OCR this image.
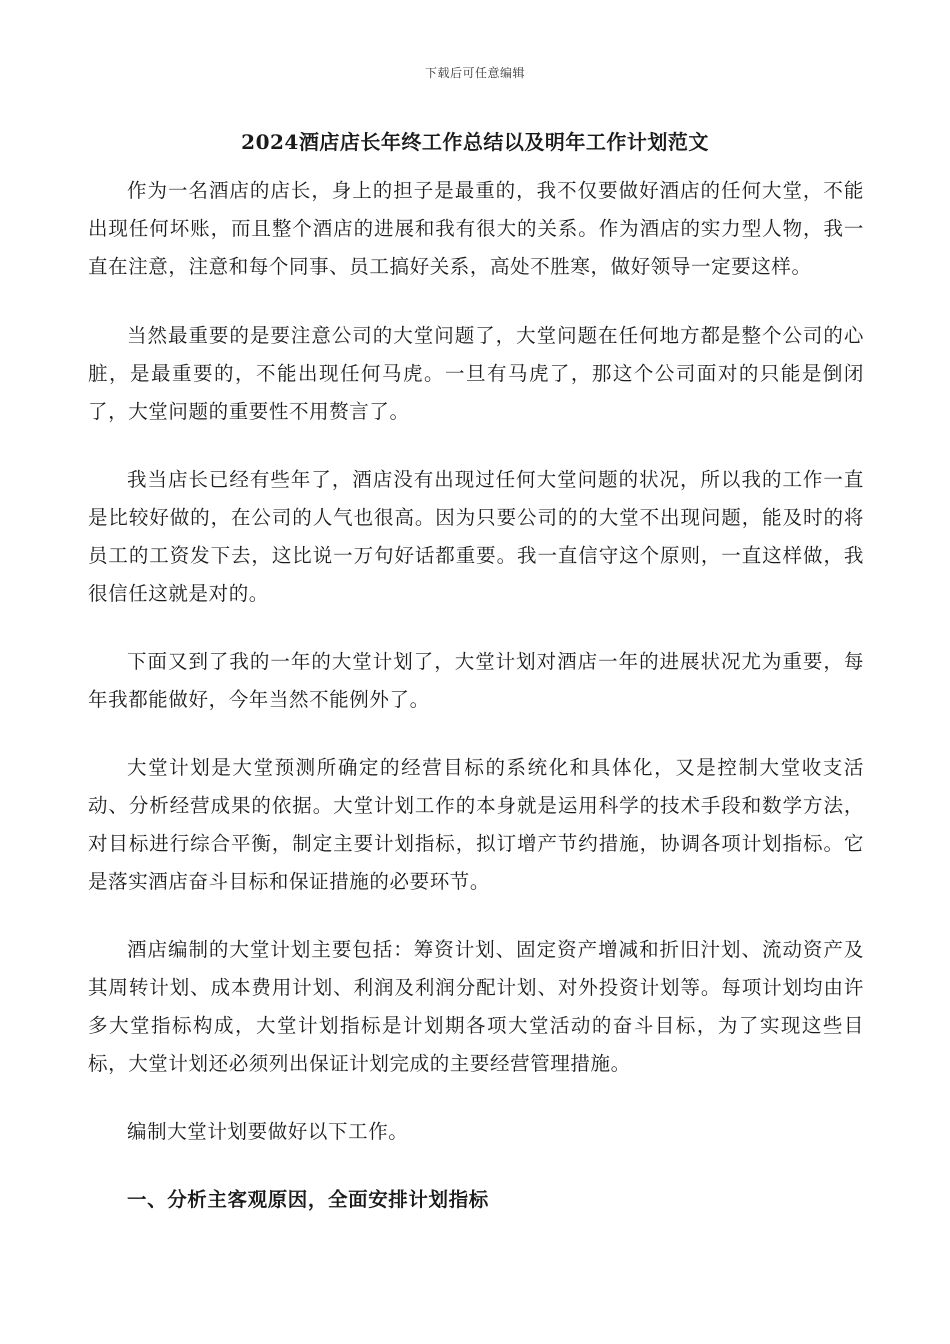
下载后可任意编辑
2024酒店店长年终工作总结以及明年工作计划范文

作为一名酒店的店长，身上的担子是最重的，我不仅要做好酒店的任何大堂，不能出现任何坏账，而且整个酒店的进展和我有很大的关系。作为酒店的实力型人物，我一直在注意，注意和每个同事、员工搞好关系，高处不胜寒，做好领导一定要这样。

当然最重要的是要注意公司的大堂问题了，大堂问题在任何地方都是整个公司的心脏，是最重要的，不能出现任何马虎。一旦有马虎了，那这个公司面对的只能是倒闭了，大堂问题的重要性不用赘言了。

我当店长已经有些年了，酒店没有出现过任何大堂问题的状况，所以我的工作一直是比较好做的，在公司的人气也很高。因为只要公司的的大堂不出现问题，能及时的将员工的工资发下去，这比说一万句好话都重要。我一直信守这个原则，一直这样做，我很信任这就是对的。

下面又到了我的一年的大堂计划了，大堂计划对酒店一年的进展状况尤为重要，每年我都能做好，今年当然不能例外了。

大堂计划是大堂预测所确定的经营目标的系统化和具体化，又是控制大堂收支活动、分析经营成果的依据。大堂计划工作的本身就是运用科学的技术手段和数学方法，对目标进行综合平衡，制定主要计划指标，拟订增产节约措施，协调各项计划指标。它是落实酒店奋斗目标和保证措施的必要环节。

酒店编制的大堂计划主要包括：筹资计划、固定资产增减和折旧汁划、流动资产及其周转计划、成本费用计划、利润及利润分配计划、对外投资计划等。每项计划均由许多大堂指标构成，大堂计划指标是计划期各项大堂活动的奋斗目标，为了实现这些目标，大堂计划还必须列出保证计划完成的主要经营管理措施。

编制大堂计划要做好以下工作。

一、分析主客观原因，全面安排计划指标
